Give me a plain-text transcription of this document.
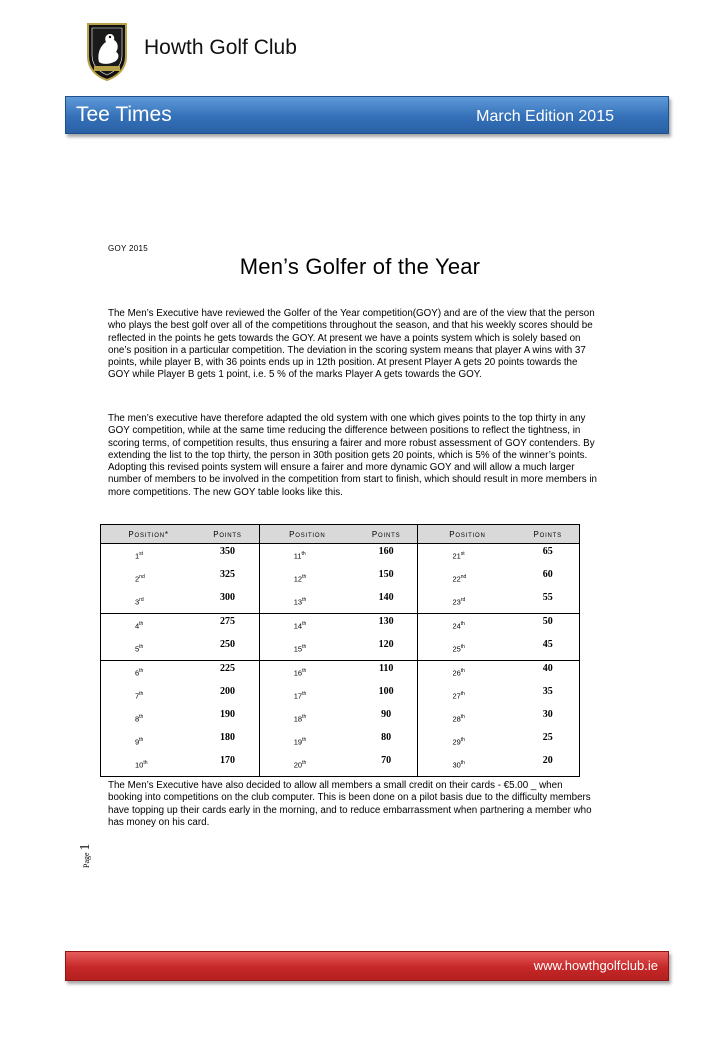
Howth Golf Club
Tee Times	March Edition 2015
GOY 2015
Men’s Golfer of the Year
The Men’s Executive have reviewed the Golfer of the Year competition(GOY) and are of the view that the person who plays the best golf over all of the competitions throughout the season, and that his weekly scores should be reflected in the points he gets towards the GOY. At present we have a points system which is solely based on one’s position in a particular competition. The deviation in the scoring system means that player A wins with 37 points, while player B, with 36 points ends up in 12th position. At present Player A gets 20 points towards the GOY while Player B gets 1 point, i.e. 5 % of the marks Player A gets towards the GOY.
The men’s executive have therefore adapted the old system with one which gives points to the top thirty in any GOY competition, while at the same time reducing the difference between positions to reflect the tightness, in scoring terms, of competition results, thus ensuring a fairer and more robust assessment of GOY contenders. By extending the list to the top thirty, the person in 30th position gets 20 points, which is 5% of the winner’s points. Adopting this revised points system will ensure a fairer and more dynamic GOY and will allow a much larger number of members to be involved in the competition from start to finish, which should result in more members in more competitions. The new GOY table looks like this.
Position*	Points	Position	Points	Position	Points
1st	350	11th	160	21st	65
2nd	325	12th	150	22nd	60
3rd	300	13th	140	23rd	55
4th	275	14th	130	24th	50
5th	250	15th	120	25th	45
6th	225	16th	110	26th	40
7th	200	17th	100	27th	35
8th	190	18th	90	28th	30
9th	180	19th	80	29th	25
10th	170	20th	70	30th	20
The Men’s Executive have also decided to allow all members a small credit on their cards - €5.00 _ when booking into competitions on the club computer. This is been done on a pilot basis due to the difficulty members have topping up their cards early in the morning, and to reduce embarrassment when partnering a member who has money on his card.
Page 1
www.howthgolfclub.ie
